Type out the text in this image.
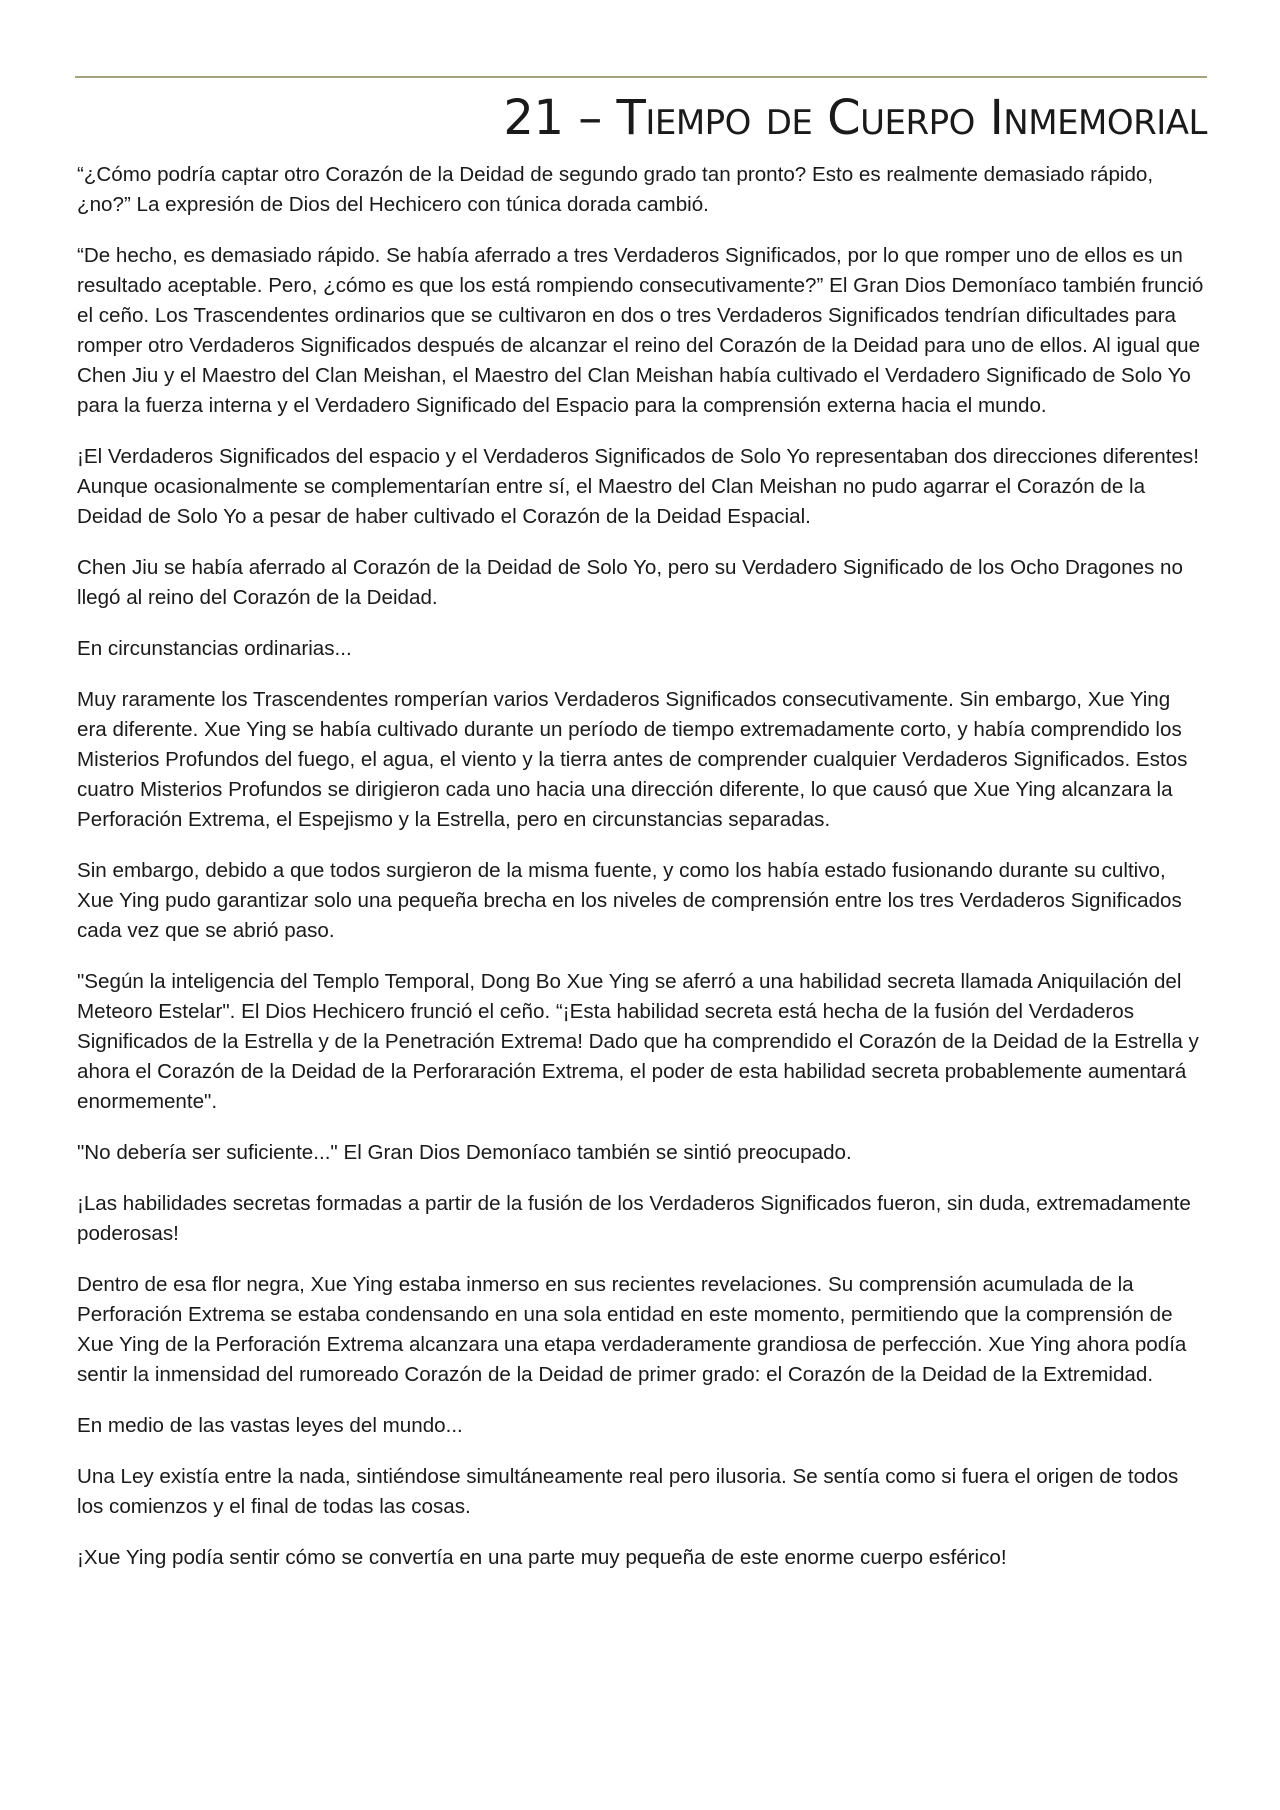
21 – Tiempo de Cuerpo Inmemorial

“¿Cómo podría captar otro Corazón de la Deidad de segundo grado tan pronto? Esto es realmente demasiado rápido, ¿no?” La expresión de Dios del Hechicero con túnica dorada cambió.

“De hecho, es demasiado rápido. Se había aferrado a tres Verdaderos Significados, por lo que romper uno de ellos es un resultado aceptable. Pero, ¿cómo es que los está rompiendo consecutivamente?” El Gran Dios Demoníaco también frunció el ceño. Los Trascendentes ordinarios que se cultivaron en dos o tres Verdaderos Significados tendrían dificultades para romper otro Verdaderos Significados después de alcanzar el reino del Corazón de la Deidad para uno de ellos. Al igual que Chen Jiu y el Maestro del Clan Meishan, el Maestro del Clan Meishan había cultivado el Verdadero Significado de Solo Yo para la fuerza interna y el Verdadero Significado del Espacio para la comprensión externa hacia el mundo.

¡El Verdaderos Significados del espacio y el Verdaderos Significados de Solo Yo representaban dos direcciones diferentes! Aunque ocasionalmente se complementarían entre sí, el Maestro del Clan Meishan no pudo agarrar el Corazón de la Deidad de Solo Yo a pesar de haber cultivado el Corazón de la Deidad Espacial.

Chen Jiu se había aferrado al Corazón de la Deidad de Solo Yo, pero su Verdadero Significado de los Ocho Dragones no llegó al reino del Corazón de la Deidad.

En circunstancias ordinarias...

Muy raramente los Trascendentes romperían varios Verdaderos Significados consecutivamente. Sin embargo, Xue Ying era diferente. Xue Ying se había cultivado durante un período de tiempo extremadamente corto, y había comprendido los Misterios Profundos del fuego, el agua, el viento y la tierra antes de comprender cualquier Verdaderos Significados. Estos cuatro Misterios Profundos se dirigieron cada uno hacia una dirección diferente, lo que causó que Xue Ying alcanzara la Perforación Extrema, el Espejismo y la Estrella, pero en circunstancias separadas.

Sin embargo, debido a que todos surgieron de la misma fuente, y como los había estado fusionando durante su cultivo, Xue Ying pudo garantizar solo una pequeña brecha en los niveles de comprensión entre los tres Verdaderos Significados cada vez que se abrió paso.

"Según la inteligencia del Templo Temporal, Dong Bo Xue Ying se aferró a una habilidad secreta llamada Aniquilación del Meteoro Estelar". El Dios Hechicero frunció el ceño. “¡Esta habilidad secreta está hecha de la fusión del Verdaderos Significados de la Estrella y de la Penetración Extrema! Dado que ha comprendido el Corazón de la Deidad de la Estrella y ahora el Corazón de la Deidad de la Perforaración Extrema, el poder de esta habilidad secreta probablemente aumentará enormemente".

"No debería ser suficiente..." El Gran Dios Demoníaco también se sintió preocupado.

¡Las habilidades secretas formadas a partir de la fusión de los Verdaderos Significados fueron, sin duda, extremadamente poderosas!

Dentro de esa flor negra, Xue Ying estaba inmerso en sus recientes revelaciones. Su comprensión acumulada de la Perforación Extrema se estaba condensando en una sola entidad en este momento, permitiendo que la comprensión de Xue Ying de la Perforación Extrema alcanzara una etapa verdaderamente grandiosa de perfección. Xue Ying ahora podía sentir la inmensidad del rumoreado Corazón de la Deidad de primer grado: el Corazón de la Deidad de la Extremidad.

En medio de las vastas leyes del mundo...

Una Ley existía entre la nada, sintiéndose simultáneamente real pero ilusoria. Se sentía como si fuera el origen de todos los comienzos y el final de todas las cosas.

¡Xue Ying podía sentir cómo se convertía en una parte muy pequeña de este enorme cuerpo esférico!
